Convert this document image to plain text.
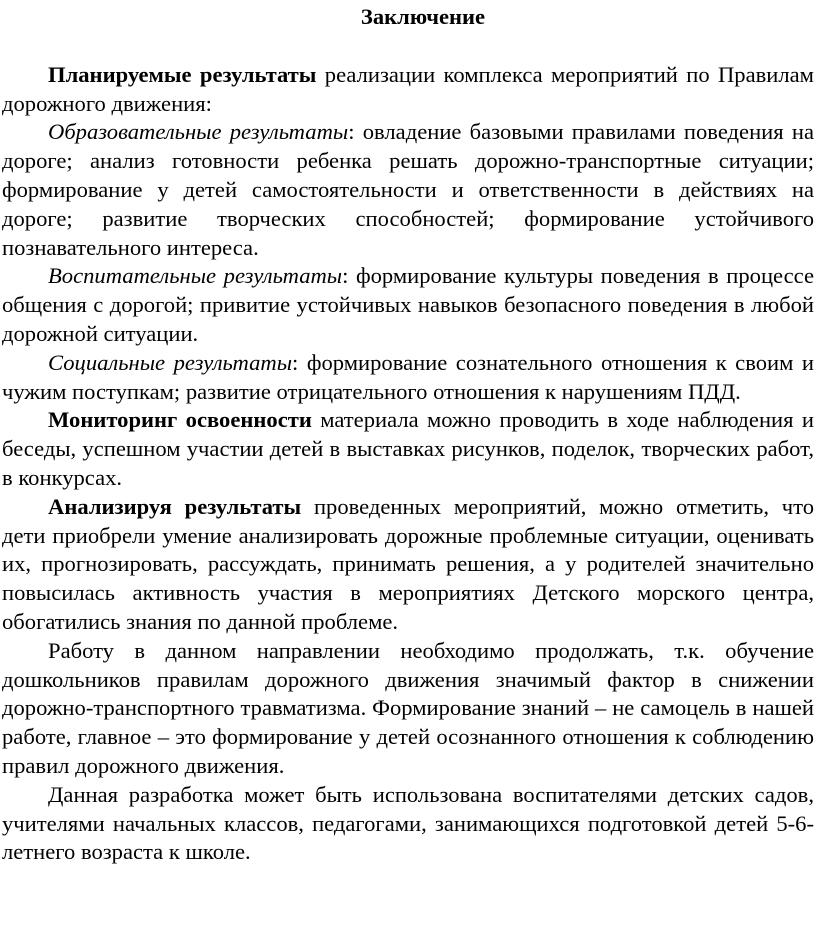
Заключение

Планируемые результаты реализации комплекса мероприятий по Правилам дорожного движения:

Образовательные результаты: овладение базовыми правилами поведения на дороге; анализ готовности ребенка решать дорожно-транспортные ситуации; формирование у детей самостоятельности и ответственности в действиях на дороге; развитие творческих способностей; формирование устойчивого познавательного интереса.

Воспитательные результаты: формирование культуры поведения в процессе общения с дорогой; привитие устойчивых навыков безопасного поведения в любой дорожной ситуации.

Социальные результаты: формирование сознательного отношения к своим и чужим поступкам; развитие отрицательного отношения к нарушениям ПДД.

Мониторинг освоенности материала можно проводить в ходе наблюдения и беседы, успешном участии детей в выставках рисунков, поделок, творческих работ, в конкурсах.

Анализируя результаты проведенных мероприятий, можно отметить, что дети приобрели умение анализировать дорожные проблемные ситуации, оценивать их, прогнозировать, рассуждать, принимать решения, а у родителей значительно повысилась активность участия в мероприятиях Детского морского центра, обогатились знания по данной проблеме.

Работу в данном направлении необходимо продолжать, т.к. обучение дошкольников правилам дорожного движения значимый фактор в снижении дорожно-транспортного травматизма. Формирование знаний – не самоцель в нашей работе, главное – это формирование у детей осознанного отношения к соблюдению правил дорожного движения.

Данная разработка может быть использована воспитателями детских садов, учителями начальных классов, педагогами, занимающихся подготовкой детей 5-6-летнего возраста к школе.
